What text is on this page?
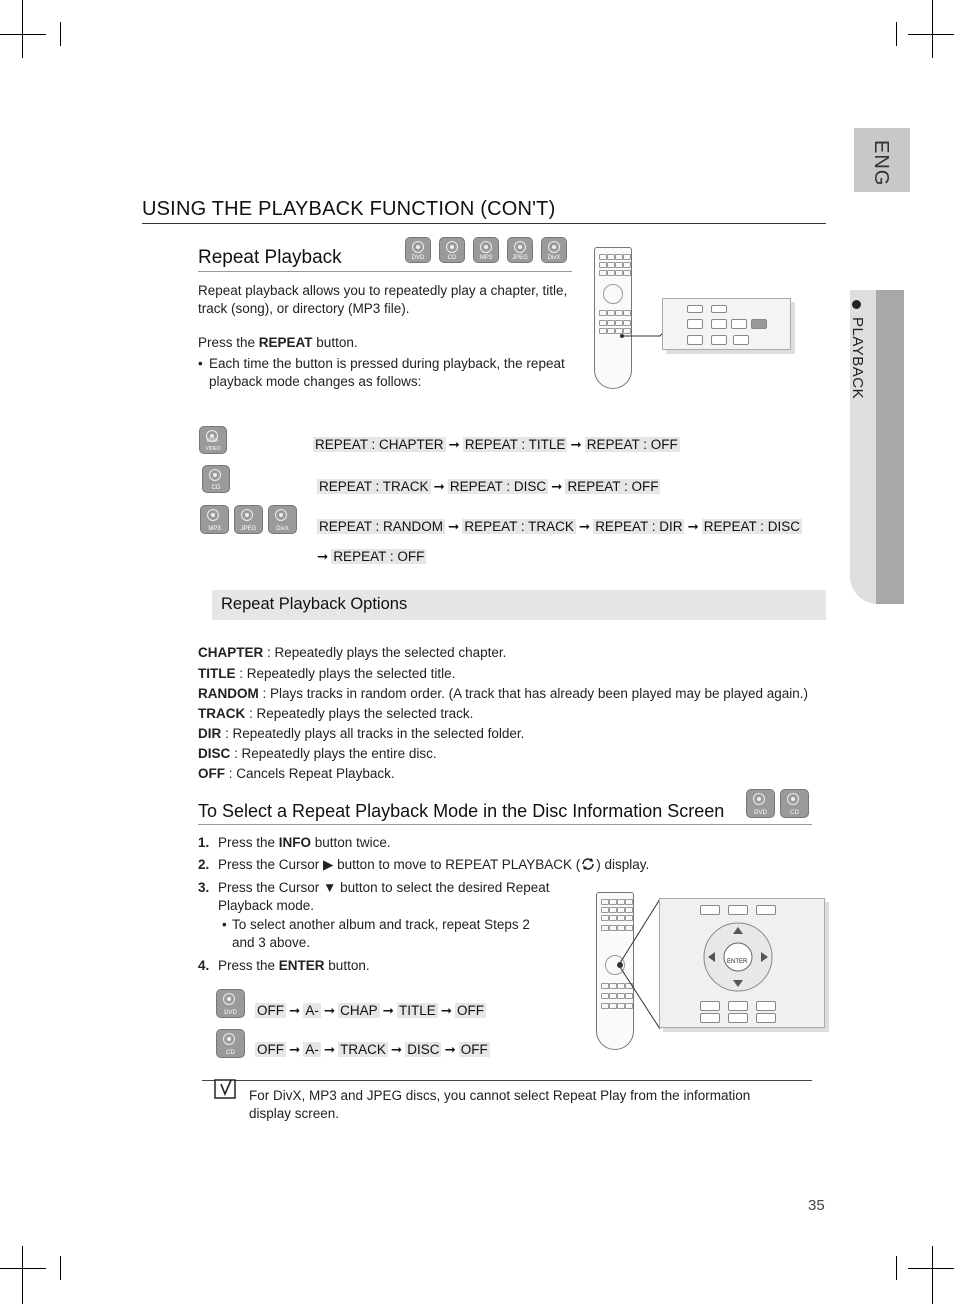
ENG
PLAYBACK
USING THE PLAYBACK FUNCTION (CON'T)
Repeat Playback	DVD	CD	MP3	JPEG	DivX
Repeat playback allows you to repeatedly play a chapter, title, track (song), or directory (MP3 file).
Press the REPEAT button.
• Each time the button is pressed during playback, the repeat playback mode changes as follows:
DVD-VIDEO	REPEAT : CHAPTER ➞ REPEAT : TITLE ➞ REPEAT : OFF
CD	REPEAT : TRACK ➞ REPEAT : DISC ➞ REPEAT : OFF
MP3	JPEG	DivX	REPEAT : RANDOM ➞ REPEAT : TRACK ➞ REPEAT : DIR ➞ REPEAT : DISC
➞ REPEAT : OFF
Repeat Playback Options
CHAPTER : Repeatedly plays the selected chapter.
TITLE : Repeatedly plays the selected title.
RANDOM : Plays tracks in random order. (A track that has already been played may be played again.)
TRACK : Repeatedly plays the selected track.
DIR : Repeatedly plays all tracks in the selected folder.
DISC : Repeatedly plays the entire disc.
OFF : Cancels Repeat Playback.
To Select a Repeat Playback Mode in the Disc Information Screen	DVD	CD
1. Press the INFO button twice.
2. Press the Cursor ▶ button to move to REPEAT PLAYBACK ( ) display.
3. Press the Cursor ▼ button to select the desired Repeat Playback mode.
• To select another album and track, repeat Steps 2 and 3 above.
4. Press the ENTER button.
DVD	OFF ➞ A- ➞ CHAP ➞ TITLE ➞ OFF
CD	OFF ➞ A- ➞ TRACK ➞ DISC ➞ OFF
ENTER
For DivX, MP3 and JPEG discs, you cannot select Repeat Play from the information display screen.
35
